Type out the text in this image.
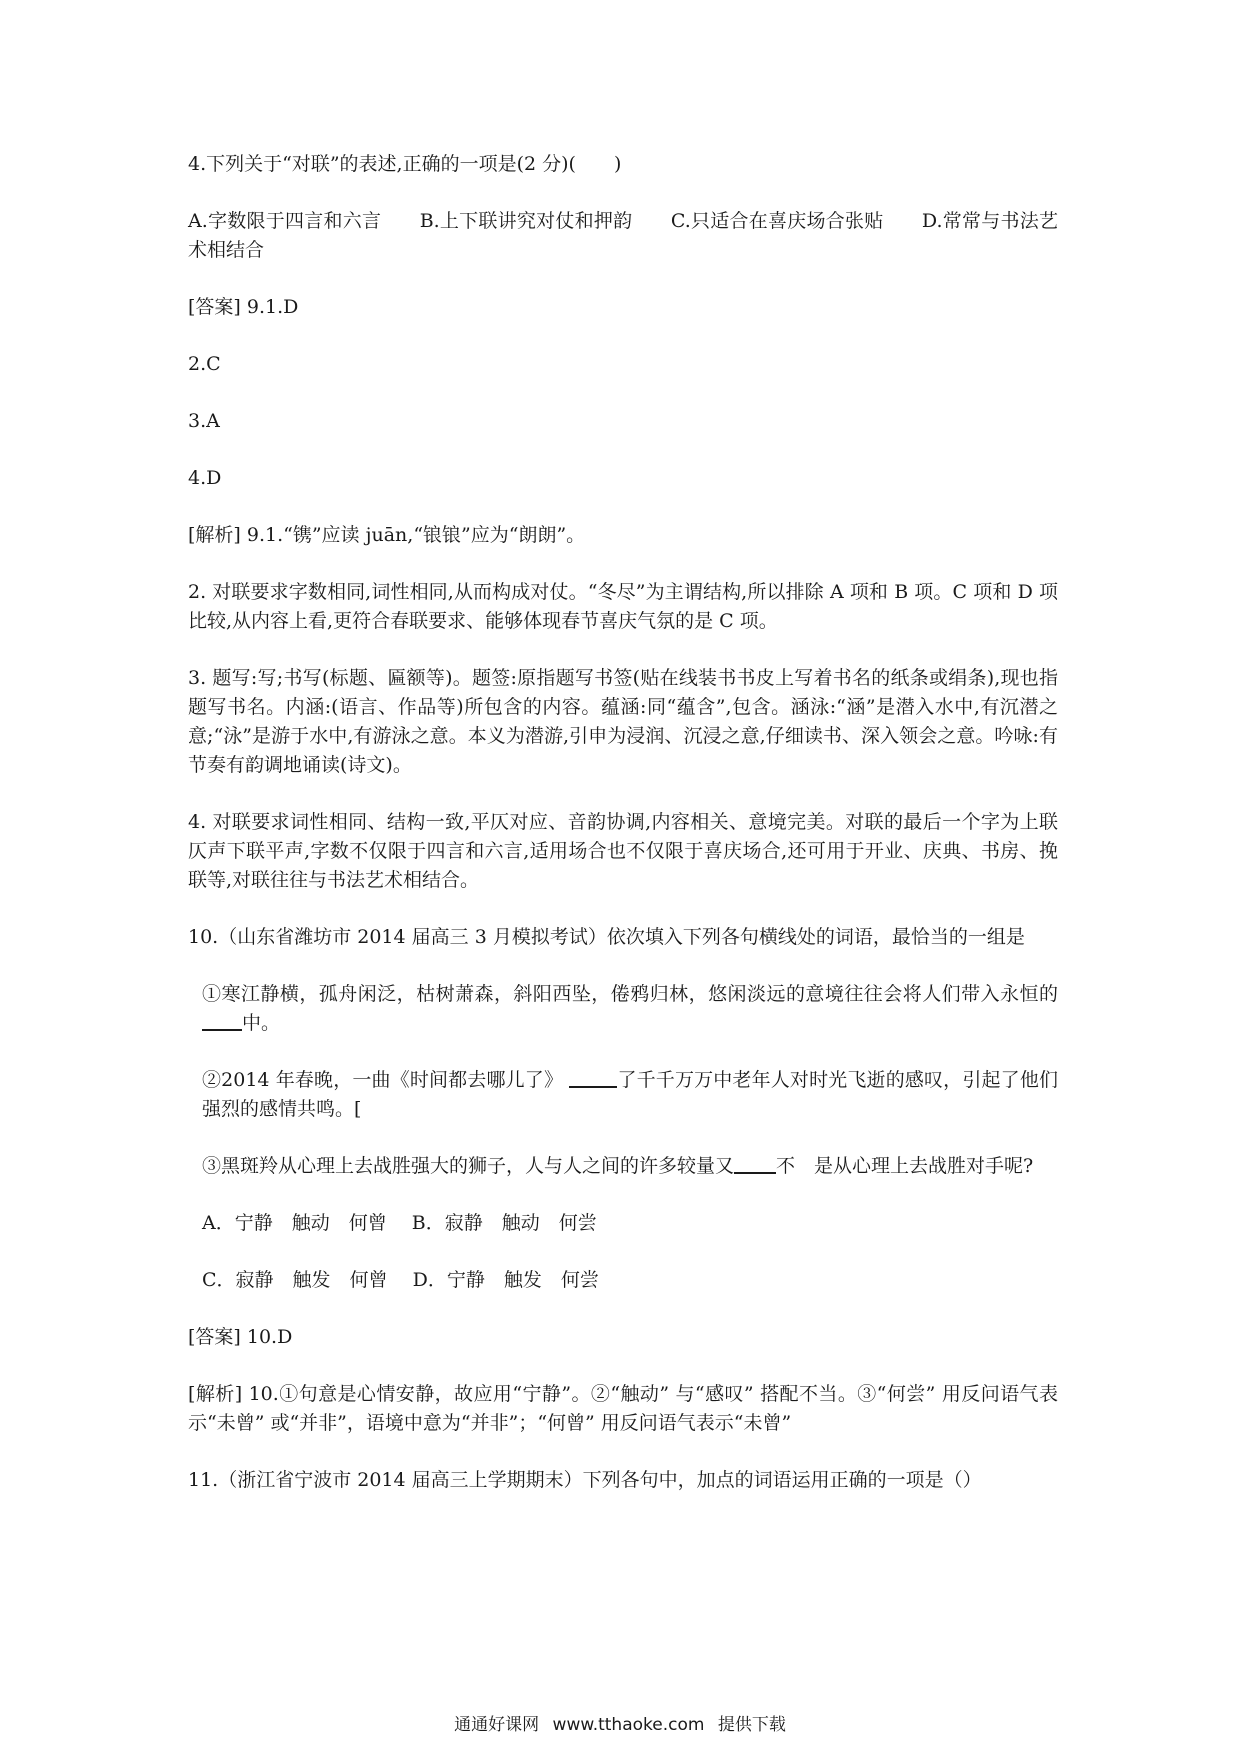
4.下列关于“对联”的表述,正确的一项是(2 分)(　　)

A.字数限于四言和六言　　B.上下联讲究对仗和押韵　　C.只适合在喜庆场合张贴　　D.常常与书法艺术相结合

[答案] 9.1.D

2.C

3.A

4.D

[解析] 9.1.“镌”应读 juān,“锒锒”应为“朗朗”。

2. 对联要求字数相同,词性相同,从而构成对仗。“冬尽”为主谓结构,所以排除 A 项和 B 项。C 项和 D 项比较,从内容上看,更符合春联要求、能够体现春节喜庆气氛的是 C 项。

3. 题写:写;书写(标题、匾额等)。题签:原指题写书签(贴在线装书书皮上写着书名的纸条或绢条),现也指题写书名。内涵:(语言、作品等)所包含的内容。蕴涵:同“蕴含”,包含。涵泳:“涵”是潜入水中,有沉潜之意;“泳”是游于水中,有游泳之意。本义为潜游,引申为浸润、沉浸之意,仔细读书、深入领会之意。吟咏:有节奏有韵调地诵读(诗文)。

4. 对联要求词性相同、结构一致,平仄对应、音韵协调,内容相关、意境完美。对联的最后一个字为上联仄声下联平声,字数不仅限于四言和六言,适用场合也不仅限于喜庆场合,还可用于开业、庆典、书房、挽联等,对联往往与书法艺术相结合。

10.（山东省潍坊市 2014 届高三 3 月模拟考试）依次填入下列各句横线处的词语，最恰当的一组是

①寒江静横，孤舟闲泛，枯树萧森，斜阳西坠，倦鸦归林，悠闲淡远的意境往往会将人们带入永恒的中。

②2014 年春晚，一曲《时间都去哪儿了》	了千千万万中老年人对时光飞逝的感叹，引起了他们强烈的感情共鸣。[

③黑斑羚从心理上去战胜强大的狮子，人与人之间的许多较量又 不　是从心理上去战胜对手呢?

A．宁静　触动　何曾　 B．寂静　触动　何尝

C．寂静　触发　何曾　 D．宁静　触发　何尝

[答案] 10.D

[解析] 10.①句意是心情安静，故应用“宁静”。②“触动” 与“感叹” 搭配不当。③“何尝” 用反问语气表示“未曾” 或“并非”，语境中意为“并非”；“何曾” 用反问语气表示“未曾”

11.（浙江省宁波市 2014 届高三上学期期末）下列各句中，加点的词语运用正确的一项是（）

通通好课网 www.tthaoke.com 提供下载
